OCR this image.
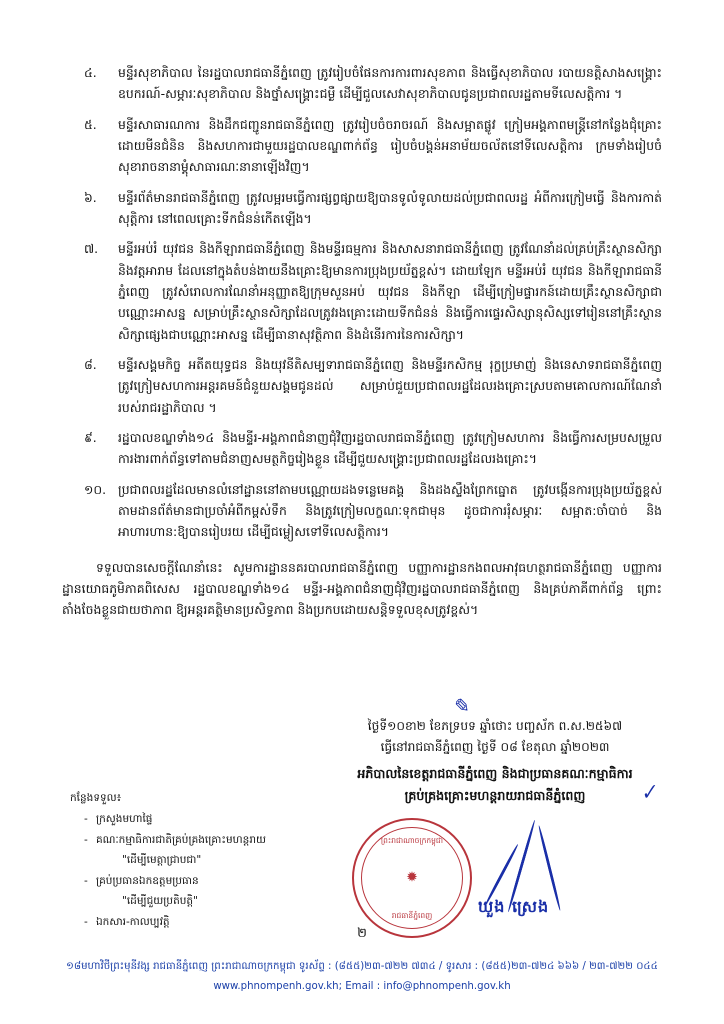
៤.	មន្ទីរសុខាភិបាល នៃរដ្ឋបាលរាជធានីភ្នំពេញ ត្រូវរៀបចំផែនការការពារសុខភាព និងធ្វើសុខាភិបាល របាយនត្តិសាងសង្រ្គោះ ឧបករណ៍-សម្ភារៈសុខាភិបាល និងថ្នាំសង្រ្គោះជម្ងឺ ដើម្បីជួលសេវាសុខាភិបាលជូនប្រជាពលរដ្ឋតាមទីលេសត្តិការ ។
៥.	មន្ទីរសាធារណការ និងដឹកជញ្ជូនរាជធានីភ្នំពេញ ត្រូវរៀបចំចរាចរណ៍ និងសម្អាតផ្លូវ ក្រៀមអង្គភាពមន្ត្រីនៅកន្លែងជុំគ្រោះដោយមីនជំនិន និងសហការជាមួយរដ្ឋបាលខណ្ឌពាក់ព័ន្ធ រៀបចំបង្គន់អនាម័យចល័តនៅទីលេសត្តិការ ក្រមទាំងរៀបចំសុខារាចនានាម្ដុំសាធារណៈនានាឡើងវិញ។
៦.	មន្ទីរព័ត៌មានរាជធានីភ្នំពេញ ត្រូវលម្អរមធ្វើការផ្សព្វផ្សាយឱ្យបានទូលំទូលាយដល់ប្រជាពលរដ្ឋ អំពីការក្រៀមធ្វើ និងការកាត់សុត្តិការ នៅពេលគ្រោះទីកជំនន់កើតឡើង។
៧.	មន្ទីរអប់រំ យុវជន និងកីឡារាជធានីភ្នំពេញ និងមន្ទីរធម្មការ និងសាសនារាជធានីភ្នំពេញ ត្រូវណែនាំដល់គ្រប់គ្រឹះស្ថានសិក្សា និងវត្តអារាម ដែលនៅក្នុងតំបន់ងាយនឹងគ្រោះឱ្យមានការប្រុងប្រយ័ត្នខ្ពស់។ ដោយឡែក មន្ទីរអប់រំ យុវជន និងកីឡារាជធានីភ្នំពេញ ត្រូវសំរោលការណែនាំអនុញ្ញាតឱ្យក្រុមសួនអប់ យុវជន និងកីឡា ដើម្បីក្រៀមផ្ទារកន៍ដោយគ្រឹះស្ថានសិក្សាជាបណ្ណោះអាសន្ន សម្រាប់គ្រឹះស្ថានសិក្សាដែលត្រូវរងគ្រោះដោយទីកជំនន់ និងធ្វើការផ្ទេរសិស្សានុសិស្សទៅរៀននៅគ្រឹះស្ថានសិក្សាផ្សេងជាបណ្ណោះអាសន្ន ដើម្បីធានាសុវត្ថិភាព និងដំនើរការនៃការសិក្សា។
៨.	មន្ទីរសង្គមកិច្ច អតីតយុទ្ធជន និងយុវនីតិសម្បទារាជធានីភ្នំពេញ និងមន្ទីរកសិកម្ម រុក្ខប្រមាញ់ និងនេសាទរាជធានីភ្នំពេញ ត្រូវក្រៀមសហការអន្តរគមន៍ជំនួយសង្គមជូនដល់ សម្រាប់ជួយប្រជាពលរដ្ឋដែលរងគ្រោះស្របតាមគោលការណ៍ណែនាំរបស់រាជរដ្ឋាភិបាល ។
៩.	រដ្ឋបាលខណ្ឌទាំង១៤ និងមន្ទីរ-អង្គភាពជំនាញជុំវិញរដ្ឋបាលរាជធានីភ្នំពេញ ត្រូវក្រៀមសហការ និងធ្វើការសម្របសម្រួលការងារពាក់ព័ន្ធទៅតាមជំនាញសមត្ថកិច្ចរៀងខ្លួន ដើម្បីជួយសង្រ្គោះប្រជាពលរដ្ឋដែលរងគ្រោះ។
១០. ប្រជាពលរដ្ឋដែលមានលំនៅដ្ឋាននៅតាមបណ្ណោយដងទន្លេមេគង្គ និងដងស្ទឹងព្រែកធ្នោត ត្រូវបង្កើនការប្រុងប្រយ័ត្នខ្ពស់ តាមដានព័ត៌មានជាប្រចាំអំពីកម្ពស់ទឹក និងត្រូវក្រៀមលក្ខណៈទុកជាមុន ដូចជាការរុំសម្ភារៈ សម្អាត:ចាំបាច់ និងអាហារហាន:ឱ្យបានរៀបរយ ដើម្បីជម្លៀសទៅទីលេសត្តិការ។
ទទួលបានសេចក្តីណែនាំនេះ សូមការដ្ឋាននគរបាលរាជធានីភ្នំពេញ បញ្ញាការដ្ឋានកងពលអាវុធហត្ថរាជធានីភ្នំពេញ បញ្ញាការដ្ឋានយោធភូមិភាគពិសេស រដ្ឋបាលខណ្ឌទាំង១៤ មន្ទីរ-អង្គភាពជំនាញជុំវិញរដ្ឋបាលរាជធានីភ្នំពេញ និងគ្រប់ភាគីពាក់ព័ន្ធ ព្រោះតាំងចែងខ្លួនជាយថាភាព ឱ្យអន្តរគត្តិមានប្រសិទ្ធភាព និងប្រកបដោយសន្តិទទួលខុសត្រូវខ្ពស់។
ថ្ងៃទី១០ខា២ ខែភទ្របទ ឆ្នាំថោះ បញ្ចស័ក ព.ស.២៥៦៧
ធ្វើនៅរាជធានីភ្នំពេញ ថ្ងៃទី ០៨ ខែតុលា ឆ្នាំ២០២៣
អភិបាលនៃខេត្តរាជធានីភ្នំពេញ និងជាប្រធានគណៈកម្មាធិការ
គ្រប់គ្រងគ្រោះមហន្តរាយរាជធានីភ្នំពេញ
✎
✓
ព្រះរាជាណាចក្រកម្ពុជា
✹
រាជធានីភ្នំពេញ	ឃួង ស្រេង
កន្លែងទទួល៖
- ក្រសួងមហាផ្ទៃ
- គណៈកម្មាធិការជាតិគ្រប់គ្រងគ្រោះមហន្តរាយ
"ដើម្បីមេត្តាជ្រាបជា"
- គ្រប់ប្រធានឯកឧត្តមប្រធាន
"ដើម្បីជួយប្រតិបត្តិ"
- ឯកសារ-កាលប្បវត្តិ
២
១៨មហាវិថីព្រះមុនីវង្ស រាជធានីភ្នំពេញ ព្រះរាជាណាចក្រកម្ពុជា ទូរស័ព្ទ : (៨៥៥)២៣-៧២២ ៧៣៤ / ទូរសារ : (៨៥៥)២៣-៧២៤ ៦៦៦ / ២៣-៧២២ ០៤៤
www.phnompenh.gov.kh; Email : info@phnompenh.gov.kh
